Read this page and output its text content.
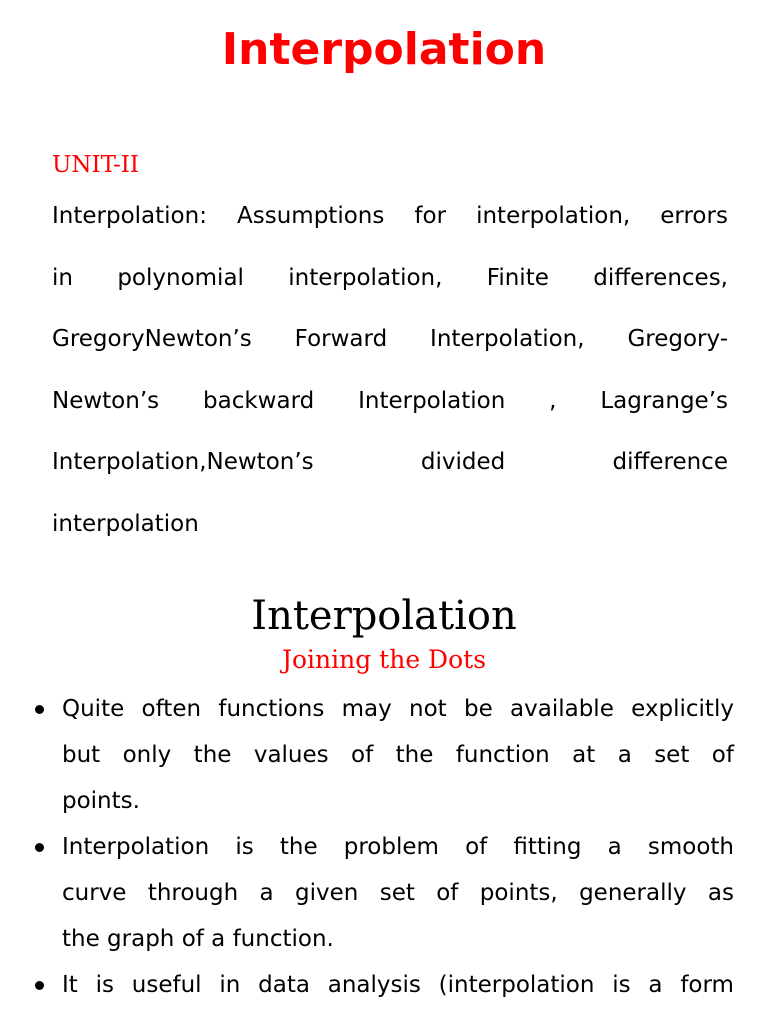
Interpolation
UNIT-II
Interpolation: Assumptions for interpolation, errors
in polynomial interpolation, Finite differences,
GregoryNewton’s Forward Interpolation, Gregory-
Newton’s backward Interpolation , Lagrange’s
Interpolation,Newton’s	divided	difference
interpolation
Interpolation
Joining the Dots
Quite often functions may not be available explicitly
but only the values of the function at a set of
points.
Interpolation is the problem of fitting a smooth
curve through a given set of points, generally as
the graph of a function.
It is useful in data analysis (interpolation is a form
